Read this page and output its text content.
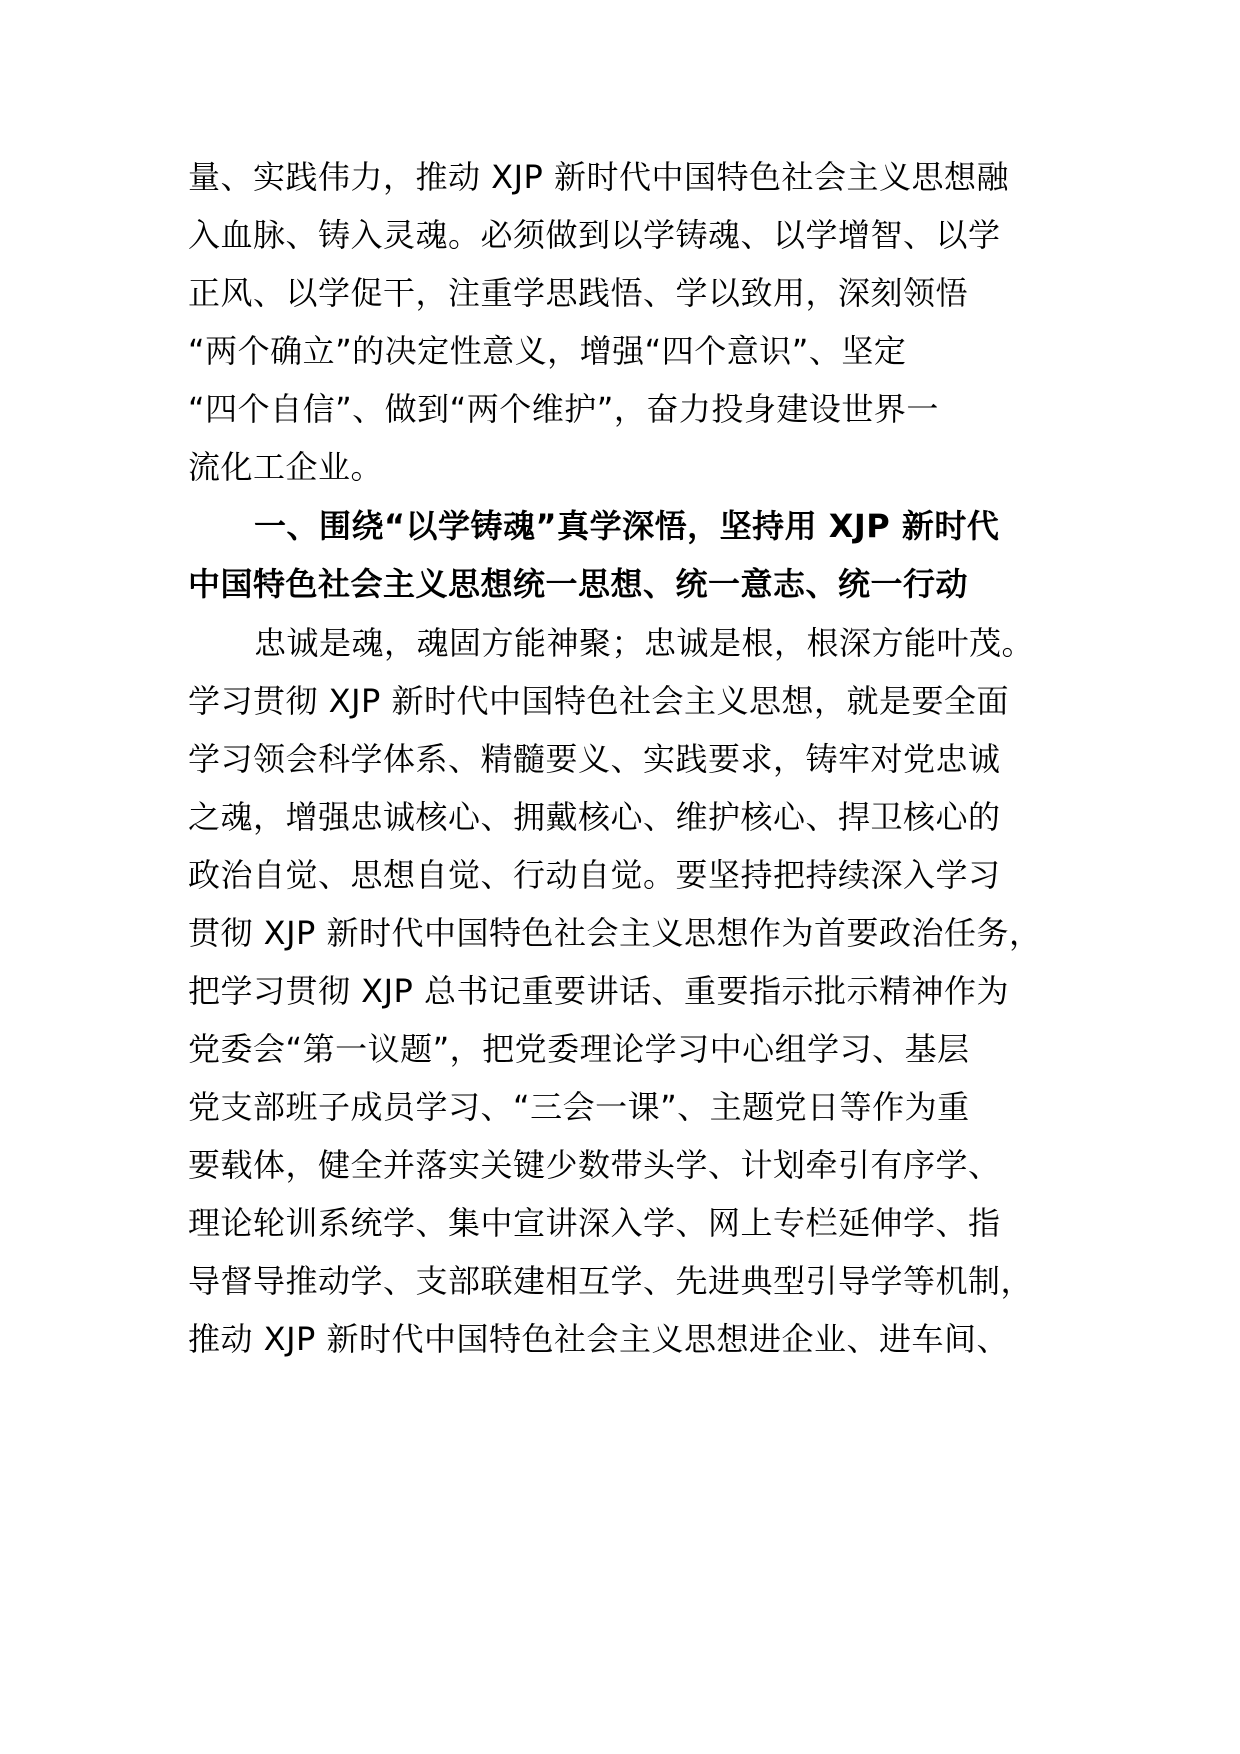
量、实践伟力，推动 XJP 新时代中国特色社会主义思想融
入血脉、铸入灵魂。必须做到以学铸魂、以学增智、以学
正风、以学促干，注重学思践悟、学以致用，深刻领悟
“两个确立”的决定性意义，增强“四个意识”、坚定
“四个自信”、做到“两个维护”，奋力投身建设世界一
流化工企业。
一、围绕“以学铸魂”真学深悟，坚持用 XJP 新时代
中国特色社会主义思想统一思想、统一意志、统一行动
忠诚是魂，魂固方能神聚；忠诚是根，根深方能叶茂。
学习贯彻 XJP 新时代中国特色社会主义思想，就是要全面
学习领会科学体系、精髓要义、实践要求，铸牢对党忠诚
之魂，增强忠诚核心、拥戴核心、维护核心、捍卫核心的
政治自觉、思想自觉、行动自觉。要坚持把持续深入学习
贯彻 XJP 新时代中国特色社会主义思想作为首要政治任务，
把学习贯彻 XJP 总书记重要讲话、重要指示批示精神作为
党委会“第一议题”，把党委理论学习中心组学习、基层
党支部班子成员学习、“三会一课”、主题党日等作为重
要载体，健全并落实关键少数带头学、计划牵引有序学、
理论轮训系统学、集中宣讲深入学、网上专栏延伸学、指
导督导推动学、支部联建相互学、先进典型引导学等机制，
推动 XJP 新时代中国特色社会主义思想进企业、进车间、
